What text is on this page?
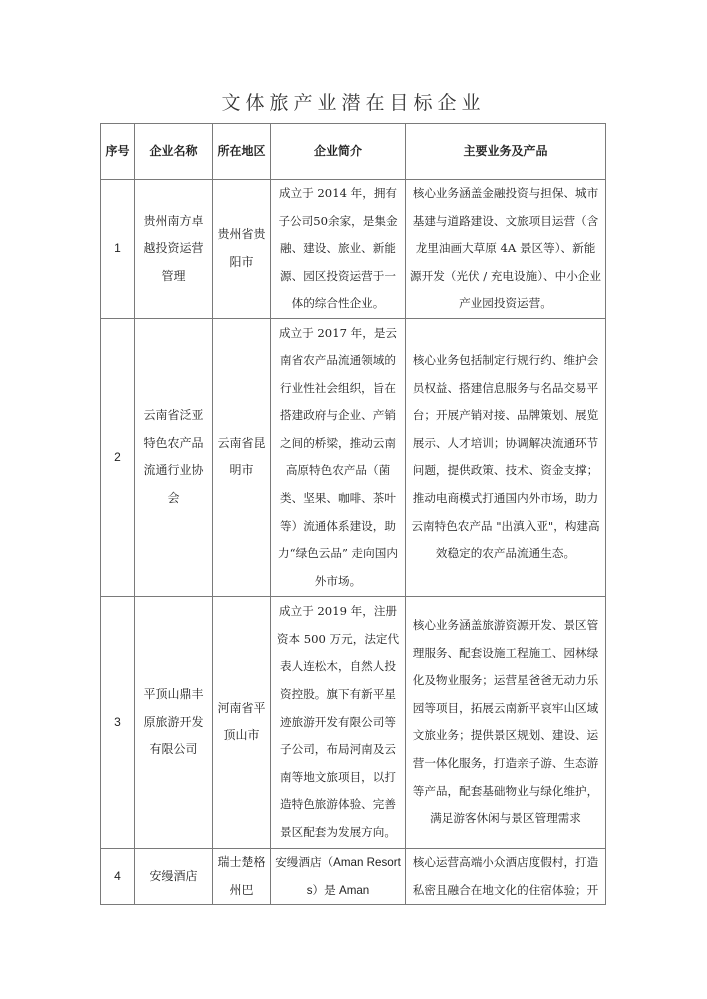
文体旅产业潜在目标企业
序号	企业名称	所在地区	企业简介	主要业务及产品
1	贵州南方卓越投资运营管理	贵州省贵阳市	成立于 2014 年，拥有子公司50余家，是集金融、建设、旅业、新能源、园区投资运营于一体的综合性企业。	核心业务涵盖金融投资与担保、城市基建与道路建设、文旅项目运营（含龙里油画大草原 4A 景区等）、新能源开发（光伏 / 充电设施）、中小企业产业园投资运营。
2	云南省泛亚特色农产品流通行业协会	云南省昆明市	成立于 2017 年，是云南省农产品流通领域的行业性社会组织，旨在搭建政府与企业、产销之间的桥梁，推动云南高原特色农产品（菌类、坚果、咖啡、茶叶等）流通体系建设，助力“绿色云品” 走向国内外市场。	核心业务包括制定行规行约、维护会员权益、搭建信息服务与名品交易平台；开展产销对接、品牌策划、展览展示、人才培训；协调解决流通环节问题，提供政策、技术、资金支撑；推动电商模式打通国内外市场，助力云南特色农产品 "出滇入亚"，构建高效稳定的农产品流通生态。
3	平顶山鼎丰原旅游开发有限公司	河南省平顶山市	成立于 2019 年，注册资本 500 万元，法定代表人连松木，自然人投资控股。旗下有新平星迹旅游开发有限公司等子公司，布局河南及云南等地文旅项目，以打造特色旅游体验、完善景区配套为发展方向。	核心业务涵盖旅游资源开发、景区管理服务、配套设施工程施工、园林绿化及物业服务；运营星爸爸无动力乐园等项目，拓展云南新平哀牢山区域文旅业务；提供景区规划、建设、运营一体化服务，打造亲子游、生态游等产品，配套基础物业与绿化维护，满足游客休闲与景区管理需求
4	安缦酒店	瑞士楚格州巴	安缦酒店（Aman Resorts）是 Aman	核心运营高端小众酒店度假村，打造私密且融合在地文化的住宿体验；开
